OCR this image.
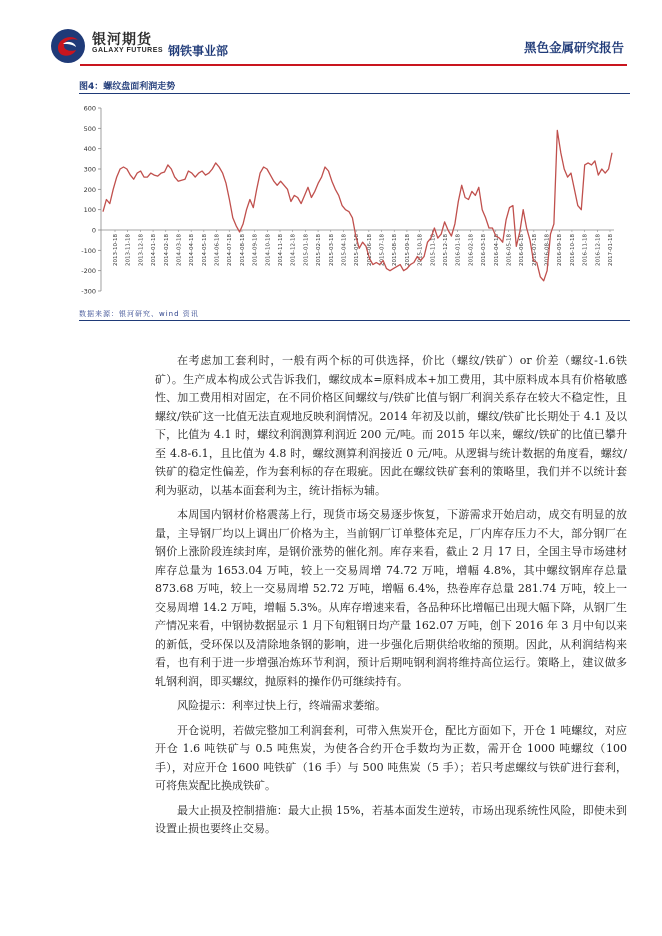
银河期货
GALAXY FUTURES 钢铁事业部	黑色金属研究报告
图4：螺纹盘面利润走势
-300
-200
-100
0
100
200
300
400
500
600
2013-10-18 2013-11-18 2013-12-18 2014-01-18 2014-02-18 2014-03-18 2014-04-18 2014-05-18 2014-06-18 2014-07-18 2014-08-18 2014-09-18 2014-10-18 2014-11-18 2014-12-18 2015-01-18 2015-02-18 2015-03-18 2015-04-18 2015-05-18 2015-06-18 2015-07-18 2015-08-18 2015-09-18 2015-10-18 2015-11-18 2015-12-18 2016-01-18 2016-02-18 2016-03-18 2016-04-18 2016-05-18 2016-06-18 2016-07-18 2016-08-18 2016-09-18 2016-10-18 2016-11-18 2016-12-18 2017-01-18
数据来源：银河研究、wind 资讯

在考虑加工套利时，一般有两个标的可供选择，价比（螺纹/铁矿）or 价差（螺纹-1.6铁矿）。生产成本构成公式告诉我们，螺纹成本=原料成本+加工费用，其中原料成本具有价格敏感性、加工费用相对固定，在不同价格区间螺纹与/铁矿比值与钢厂利润关系存在较大不稳定性，且螺纹/铁矿这一比值无法直观地反映利润情况。2014 年初及以前，螺纹/铁矿比长期处于 4.1 及以下，比值为 4.1 时，螺纹利润测算利润近 200 元/吨。而 2015 年以来，螺纹/铁矿的比值已攀升至 4.8-6.1，且比值为 4.8 时，螺纹测算利润接近 0 元/吨。从逻辑与统计数据的角度看，螺纹/铁矿的稳定性偏差，作为套利标的存在瑕疵。因此在螺纹铁矿套利的策略里，我们并不以统计套利为驱动，以基本面套利为主，统计指标为辅。

本周国内钢材价格震荡上行，现货市场交易逐步恢复，下游需求开始启动，成交有明显的放量，主导钢厂均以上调出厂价格为主，当前钢厂订单整体充足，厂内库存压力不大，部分钢厂在钢价上涨阶段连续封库，是钢价涨势的催化剂。库存来看，截止 2 月 17 日，全国主导市场建材库存总量为 1653.04 万吨，较上一交易周增 74.72 万吨，增幅 4.8%，其中螺纹钢库存总量 873.68 万吨，较上一交易周增 52.72 万吨，增幅 6.4%，热卷库存总量 281.74 万吨，较上一交易周增 14.2 万吨，增幅 5.3%。从库存增速来看，各品种环比增幅已出现大幅下降，从钢厂生产情况来看，中钢协数据显示 1 月下旬粗钢日均产量 162.07 万吨，创下 2016 年 3 月中旬以来的新低，受环保以及清除地条钢的影响，进一步强化后期供给收缩的预期。因此，从利润结构来看，也有利于进一步增强冶炼环节利润，预计后期吨钢利润将维持高位运行。策略上，建议做多轧钢利润，即买螺纹，抛原料的操作仍可继续持有。

风险提示：利率过快上行，终端需求萎缩。

开仓说明，若做完整加工利润套利，可带入焦炭开仓，配比方面如下，开仓 1 吨螺纹，对应开仓 1.6 吨铁矿与 0.5 吨焦炭，为使各合约开仓手数均为正数，需开仓 1000 吨螺纹（100 手），对应开仓 1600 吨铁矿（16 手）与 500 吨焦炭（5 手）；若只考虑螺纹与铁矿进行套利，可将焦炭配比换成铁矿。

最大止损及控制措施：最大止损 15%，若基本面发生逆转，市场出现系统性风险，即使未到设置止损也要终止交易。
